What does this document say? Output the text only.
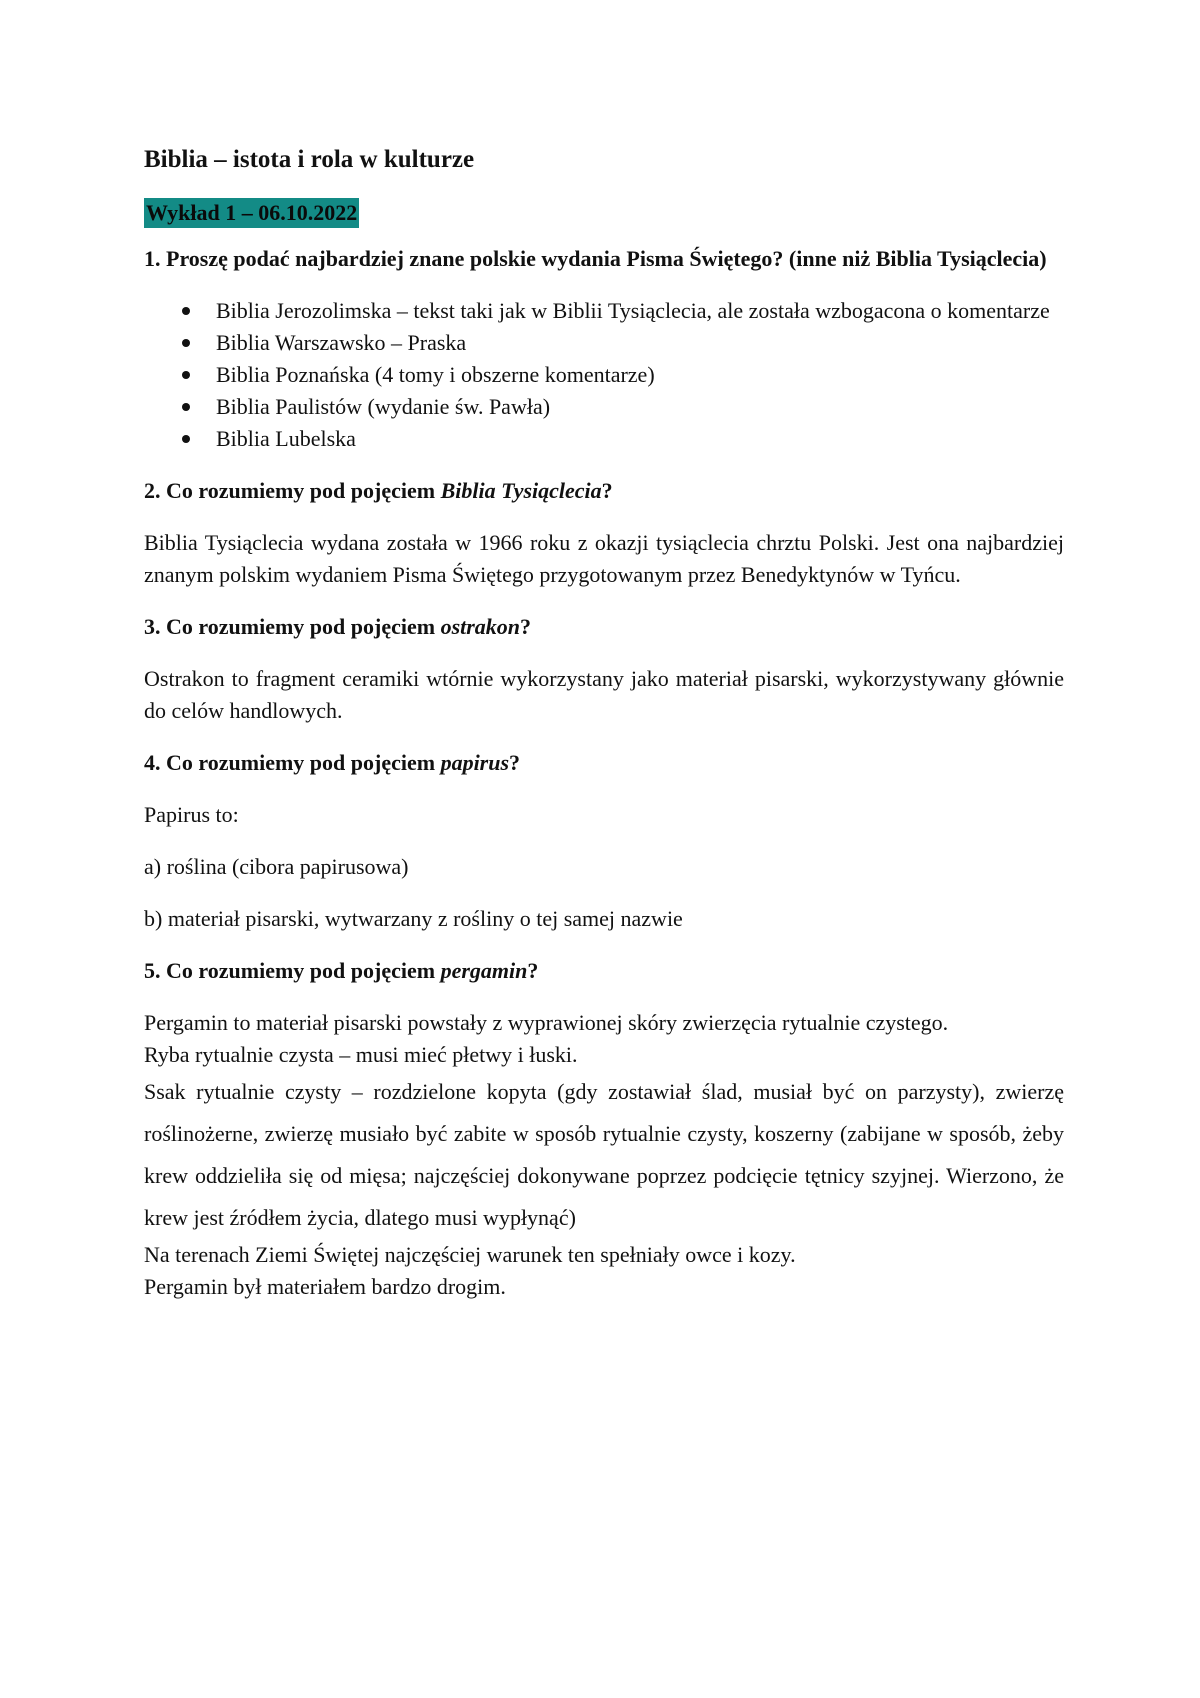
Biblia – istota i rola w kulturze

Wykład 1 – 06.10.2022

1. Proszę podać najbardziej znane polskie wydania Pisma Świętego? (inne niż Biblia Tysiąclecia)

Biblia Jerozolimska – tekst taki jak w Biblii Tysiąclecia, ale została wzbogacona o komentarze
Biblia Warszawsko – Praska
Biblia Poznańska (4 tomy i obszerne komentarze)
Biblia Paulistów (wydanie św. Pawła)
Biblia Lubelska

2. Co rozumiemy pod pojęciem Biblia Tysiąclecia?

Biblia Tysiąclecia wydana została w 1966 roku z okazji tysiąclecia chrztu Polski. Jest ona najbardziej znanym polskim wydaniem Pisma Świętego przygotowanym przez Benedyktynów w Tyńcu.

3. Co rozumiemy pod pojęciem ostrakon?

Ostrakon to fragment ceramiki wtórnie wykorzystany jako materiał pisarski, wykorzystywany głównie do celów handlowych.

4. Co rozumiemy pod pojęciem papirus?

Papirus to:

a) roślina (cibora papirusowa)

b) materiał pisarski, wytwarzany z rośliny o tej samej nazwie

5. Co rozumiemy pod pojęciem pergamin?

Pergamin to materiał pisarski powstały z wyprawionej skóry zwierzęcia rytualnie czystego.

Ryba rytualnie czysta – musi mieć płetwy i łuski.

Ssak rytualnie czysty – rozdzielone kopyta (gdy zostawiał ślad, musiał być on parzysty), zwierzę roślinożerne, zwierzę musiało być zabite w sposób rytualnie czysty, koszerny (zabijane w sposób, żeby krew oddzieliła się od mięsa; najczęściej dokonywane poprzez podcięcie tętnicy szyjnej. Wierzono, że krew jest źródłem życia, dlatego musi wypłynąć)

Na terenach Ziemi Świętej najczęściej warunek ten spełniały owce i kozy.

Pergamin był materiałem bardzo drogim.
